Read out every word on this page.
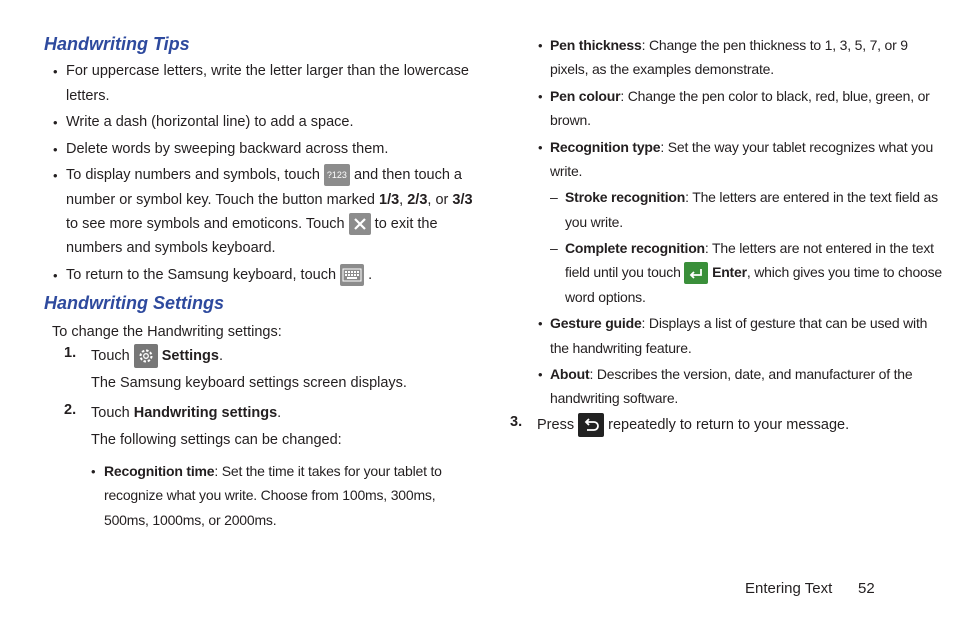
Handwriting Tips
• For uppercase letters, write the letter larger than the lowercase
letters.
• Write a dash (horizontal line) to add a space.
• Delete words by sweeping backward across them.
• To display numbers and symbols, touch ?123 and then touch a
number or symbol key. Touch the button marked 1/3, 2/3, or 3/3
to see more symbols and emoticons. Touch to exit the
numbers and symbols keyboard.
• To return to the Samsung keyboard, touch .
Handwriting Settings
To change the Handwriting settings:
1. Touch Settings.
The Samsung keyboard settings screen displays.
2. Touch Handwriting settings.
The following settings can be changed:
• Recognition time: Set the time it takes for your tablet to
recognize what you write. Choose from 100ms, 300ms,
500ms, 1000ms, or 2000ms.
• Pen thickness: Change the pen thickness to 1, 3, 5, 7, or 9
pixels, as the examples demonstrate.
• Pen colour: Change the pen color to black, red, blue, green, or
brown.
• Recognition type: Set the way your tablet recognizes what you
write.
– Stroke recognition: The letters are entered in the text field as
you write.
– Complete recognition: The letters are not entered in the text
field until you touch Enter, which gives you time to choose
word options.
• Gesture guide: Displays a list of gesture that can be used with
the handwriting feature.
• About: Describes the version, date, and manufacturer of the
handwriting software.
3. Press repeatedly to return to your message.
Entering Text 52
